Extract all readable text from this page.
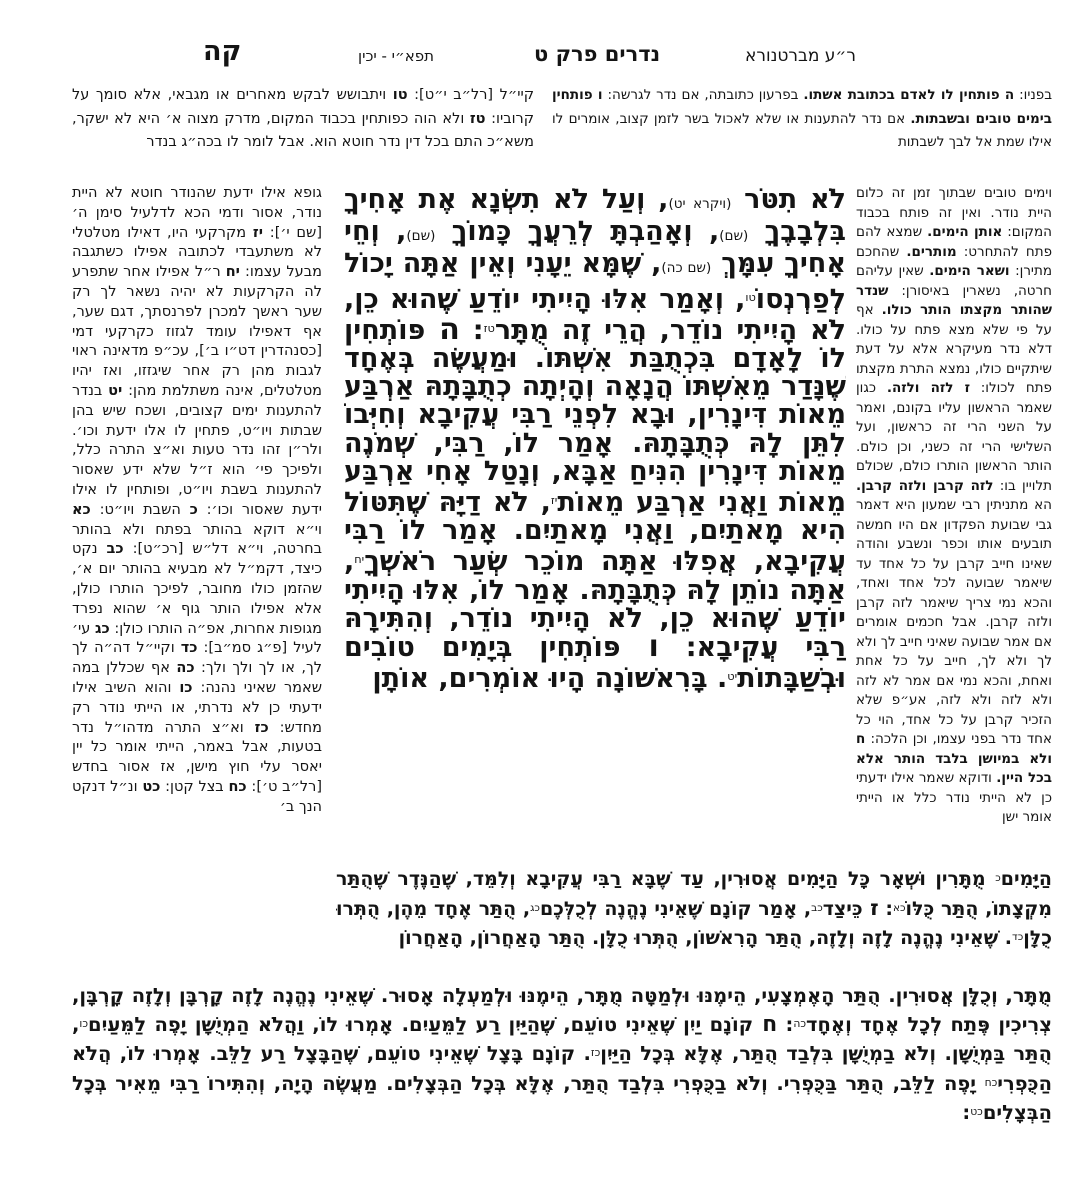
ר״ע מברטנורא
נדרים פרק ט
תפא״י - יכין
קה
קיי״ל [רל״ב י״ט]: טו ויתבושש לבקש מאחרים או מגבאי, אלא סומך על קרוביו: טז ולא הוה כפותחין בכבוד המקום, מדרק מצוה א׳ היא לא ישקר, משא״כ התם בכל דין נדר חוטא הוא. אבל לומר לו בכה״ג בנדר
בפניו: ה פותחין לו לאדם בכתובת אשתו. בפרעון כתובתה, אם נדר לגרשה: ו פותחין בימים טובים ובשבתות. אם נדר להתענות או שלא לאכול בשר לזמן קצוב, אומרים לו אילו שמת אל לבך לשבתות
גופא אילו ידעת שהנודר חוטא לא היית נודר, אסור ודמי הכא לדלעיל סימן ה׳ [שם י׳]: יז מקרקעי היו, דאילו מטלטלי לא משתעבדי לכתובה אפילו כשתגבה מבעל עצמו: יח ר״ל אפילו אחר שתפרע לה הקרקעות לא יהיה נשאר לך רק שער ראשך למכרן לפרנסתך, דגם שער, אף דאפילו עומד לגזוז כקרקעי דמי [כסנהדרין דט״ו ב׳], עכ״פ מדאינה ראוי לגבות מהן רק אחר שיגזזו, ואז יהיו מטלטלים, אינה משתלמת מהן: יט בנדר להתענות ימים קצובים, ושכח שיש בהן שבתות ויו״ט, פתחין לו אלו ידעת וכו׳. ולר״ן זהו נדר טעות וא״צ התרה כלל, ולפיכך פי׳ הוא ז״ל שלא ידע שאסור להתענות בשבת ויו״ט, ופותחין לו אילו ידעת שאסור וכו׳: כ השבת ויו״ט: כא וי״א דוקא בהותר בפתח ולא בהותר בחרטה, וי״א דל״ש [רכ״ט]: כב נקט כיצד, דקמ״ל לא מבעיא בהותר יום א׳, שהזמן כולו מחובר, לפיכך הותרו כולן, אלא אפילו הותר גוף א׳ שהוא נפרד מגופות אחרות, אפ״ה הותרו כולן: כג עי׳ לעיל [פ״ג סמ״ב]: כד וקיי״ל דה״ה לך לך, או לך ולך ולך: כה אף שכללן במה שאמר שאיני נהנה: כו והוא השיב אילו ידעתי כן לא נדרתי, או הייתי נודר רק מחדש: כז וא״צ התרה מדהו״ל נדר בטעות, אבל באמר, הייתי אומר כל יין יאסר עלי חוץ מישן, אז אסור בחדש [רל״ב ט׳]: כח בצל קטן: כט ונ״ל דנקט הנך ב׳
לֹא תִטֹּר (ויקרא יט), וְעַל לֹא תִשְׂנָא אֶת אָחִיךָ בִּלְבָבֶךָ (שם), וְאָהַבְתָּ לְרֵעֲךָ כָּמוֹךָ (שם), וְחֵי אָחִיךָ עִמָּךְ (שם כה), שֶׁמָּא יֵעָנִי וְאֵין אַתָּה יָכוֹל לְפַרְנְסוֹ$^{טו}$, וְאָמַר אִלּוּ הָיִיתִי יוֹדֵעַ שֶׁהוּא כֵן, לֹא הָיִיתִי נוֹדֵר, הֲרֵי זֶה מֻתָּר$^{טז}$: ה פּוֹתְחִין לוֹ לָאָדָם בִּכְתֻבַּת אִשְׁתּוֹ. וּמַעֲשֶׂה בְּאֶחָד שֶׁנָּדַר מֵאִשְׁתּוֹ הֲנָאָה וְהָיְתָה כְתֻבָּתָהּ אַרְבַּע מֵאוֹת דִּינָרִין, וּבָא לִפְנֵי רַבִּי עֲקִיבָא וְחִיְּבוֹ לִתֵּן לָהּ כְּתֻבָּתָהּ. אָמַר לוֹ, רַבִּי, שְׁמֹנֶה מֵאוֹת דִּינָרִין הִנִּיחַ אַבָּא, וְנָטַל אָחִי אַרְבַּע מֵאוֹת וַאֲנִי אַרְבַּע מֵאוֹת$^{יז}$, לֹא דַיָּהּ שֶׁתִּטּוֹל הִיא מָאתַיִם, וַאֲנִי מָאתַיִם. אָמַר לוֹ רַבִּי עֲקִיבָא, אֲפִלּוּ אַתָּה מוֹכֵר שְׂעַר רֹאשְׁךָ$^{יח}$, אַתָּה נוֹתֵן לָהּ כְּתֻבָּתָהּ. אָמַר לוֹ, אִלּוּ הָיִיתִי יוֹדֵעַ שֶׁהוּא כֵן, לֹא הָיִיתִי נוֹדֵר, וְהִתִּירָהּ רַבִּי עֲקִיבָא: ו פּוֹתְחִין בְּיָמִים טוֹבִים וּבְשַׁבָּתוֹת$^{יט}$. בָּרִאשׁוֹנָה הָיוּ אוֹמְרִים, אוֹתָן
וימים טובים שבתוך זמן זה כלום היית נודר. ואין זה פותח בכבוד המקום: אותן הימים. שמצא להם פתח להתחרט: מותרים. שהחכם מתירן: ושאר הימים. שאין עליהם חרטה, נשארין באיסורן: שנדר שהותר מקצתו הותר כולו. אף על פי שלא מצא פתח על כולו. דלא נדר מעיקרא אלא על דעת שיתקיים כולו, נמצא התרת מקצתו פתח לכולו: ז לזה ולזה. כגון שאמר הראשון עליו בקונם, ואמר על השני הרי זה כראשון, ועל השלישי הרי זה כשני, וכן כולם. הותר הראשון הותרו כולם, שכולם תלויין בו: לזה קרבן ולזה קרבן. הא מתניתין רבי שמעון היא דאמר גבי שבועת הפקדון אם היו חמשה תובעים אותו וכפר ונשבע והודה שאינו חייב קרבן על כל אחד עד שיאמר שבועה לכל אחד ואחד, והכא נמי צריך שיאמר לזה קרבן ולזה קרבן. אבל חכמים אומרים אם אמר שבועה שאיני חייב לך ולא לך ולא לך, חייב על כל אחת ואחת, והכא נמי אם אמר לא לזה ולא לזה ולא לזה, אע״פ שלא הזכיר קרבן על כל אחד, הוי כל אחד נדר בפני עצמו, וכן הלכה: ח ולא במיושן בלבד הותר אלא בכל היין. ודוקא שאמר אילו ידעתי כן לא הייתי נודר כלל או הייתי אומר ישן
הַיָּמִים$^כ$ מֻתָּרִין וּשְׁאָר כָּל הַיָּמִים אֲסוּרִין, עַד שֶׁבָּא רַבִּי עֲקִיבָא וְלִמֵּד, שֶׁהַנֶּדֶר שֶׁהֻתַּר מִקְצָתוֹ, הֻתַּר כֻּלּוֹ$^{כא}$: ז כֵּיצַד$^{כב}$, אָמַר קוֹנָם שֶׁאֵינִי נֶהֱנֶה לְכֻלְּכֶם$^{כג}$, הֻתַּר אֶחָד מֵהֶן, הֻתְּרוּ כֻלָּן$^{כד}$. שֶׁאֵינִי נֶהֱנֶה לָזֶה וְלָזֶה, הֻתַּר הָרִאשׁוֹן, הֻתְּרוּ כֻלָּן. הֻתַּר הָאַחֲרוֹן, הָאַחֲרוֹן
מֻתָּר, וְכֻלָּן אֲסוּרִין. הֻתַּר הָאֶמְצָעִי, הֵימֶנּוּ וּלְמַטָּה מֻתָּר, הֵימֶנּוּ וּלְמַעְלָה אָסוּר. שֶׁאֵינִי נֶהֱנֶה לָזֶה קָרְבָּן וְלָזֶה קָרְבָּן, צְרִיכִין פֶּתַח לְכָל אֶחָד וְאֶחָד$^{כה}$: ח קוֹנָם יַיִן שֶׁאֵינִי טוֹעֵם, שֶׁהַיַּיִן רַע לַמֵּעַיִם. אָמְרוּ לוֹ, וַהֲלֹא הַמְיֻשָּׁן יָפֶה לַמֵּעַיִם$^{כו}$, הֻתַּר בַּמְיֻשָּׁן. וְלֹא בַמְיֻשָּׁן בִּלְבַד הֻתַּר, אֶלָּא בְּכָל הַיַּיִן$^{כז}$. קוֹנָם בָּצָל שֶׁאֵינִי טוֹעֵם, שֶׁהַבָּצָל רַע לַלֵּב. אָמְרוּ לוֹ, הֲלֹא הַכֻּפְרִי$^{כח}$ יָפֶה לַלֵּב, הֻתַּר בַּכֻּפְרִי. וְלֹא בַכֻּפְרִי בִּלְבַד הֻתַּר, אֶלָּא בְּכָל הַבְּצָלִים. מַעֲשֶׂה הָיָה, וְהִתִּירוֹ רַבִּי מֵאִיר בְּכָל הַבְּצָלִים$^{כט}$:
